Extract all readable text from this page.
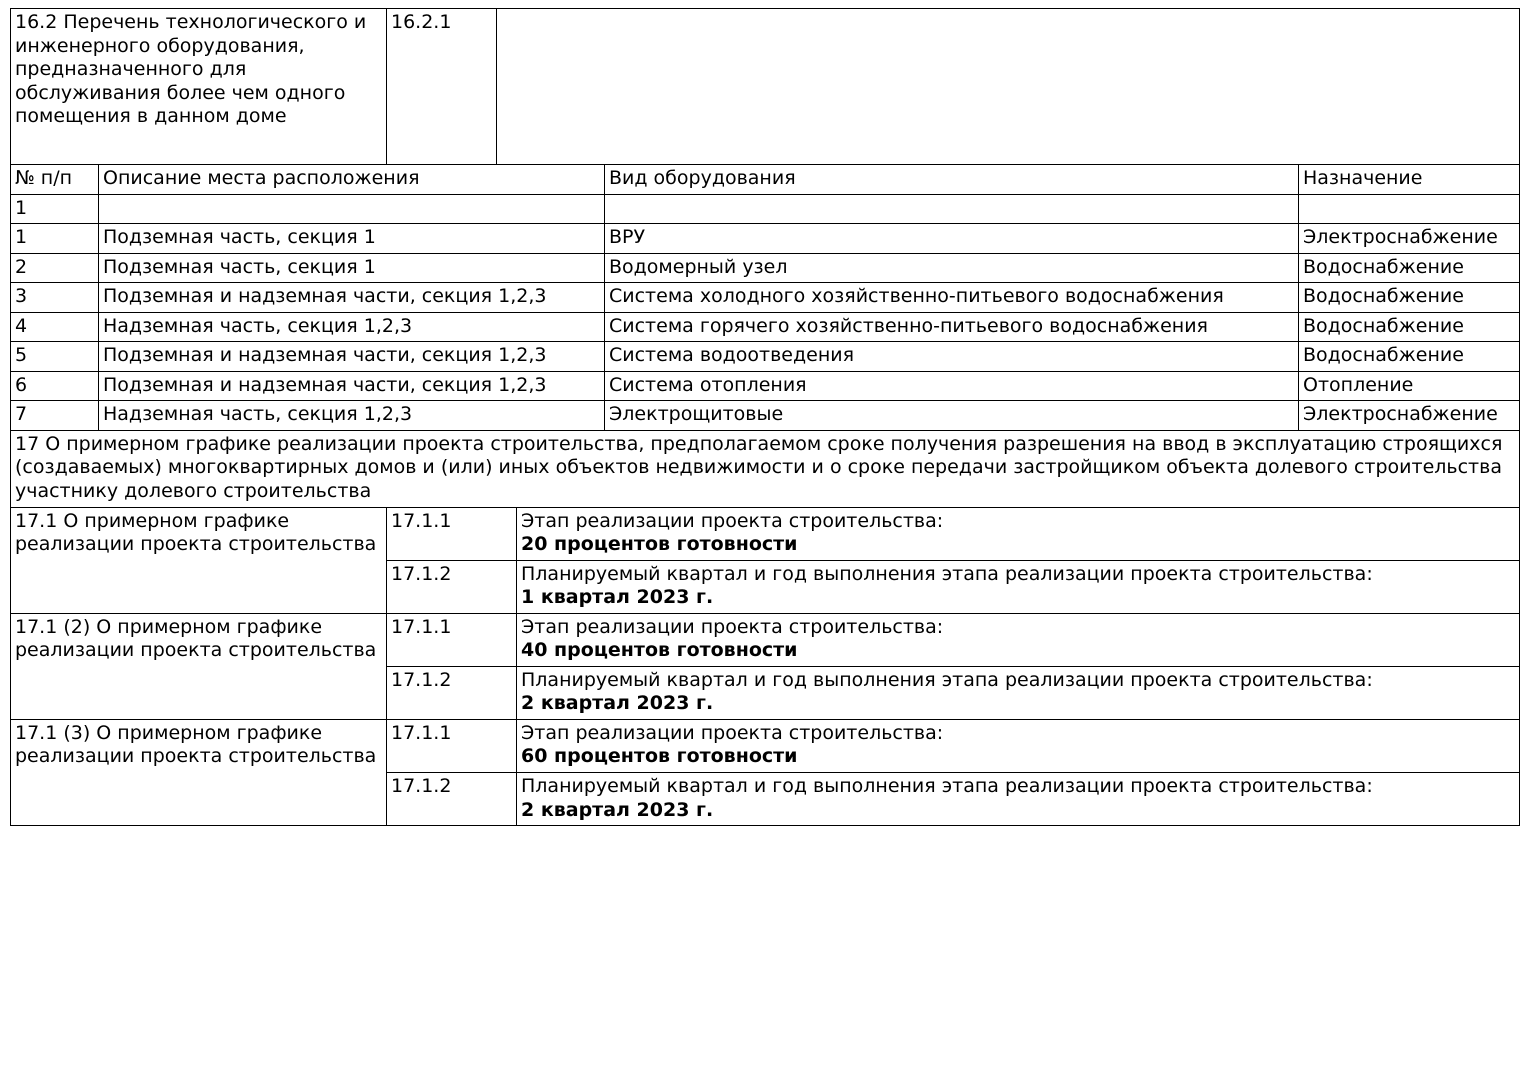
16.2 Перечень технологического и инженерного оборудования, предназначенного для обслуживания более чем одного помещения в данном доме	16.2.1	
№ п/п	Описание места расположения	Вид оборудования	Назначение
1			
1	Подземная часть, секция 1	ВРУ	Электроснабжение
2	Подземная часть, секция 1	Водомерный узел	Водоснабжение
3	Подземная и надземная части, секция 1,2,3	Система холодного хозяйственно-питьевого водоснабжения	Водоснабжение
4	Надземная часть, секция 1,2,3	Система горячего хозяйственно-питьевого водоснабжения	Водоснабжение
5	Подземная и надземная части, секция 1,2,3	Система водоотведения	Водоснабжение
6	Подземная и надземная части, секция 1,2,3	Система отопления	Отопление
7	Надземная часть, секция 1,2,3	Электрощитовые	Электроснабжение
17 О примерном графике реализации проекта строительства, предполагаемом сроке получения разрешения на ввод в эксплуатацию строящихся (создаваемых) многоквартирных домов и (или) иных объектов недвижимости и о сроке передачи застройщиком объекта долевого строительства участнику долевого строительства		
17.1 О примерном графике реализации проекта строительства	17.1.1	Этап реализации проекта строительства:
20 процентов готовности

	17.1.2	Планируемый квартал и год выполнения этапа реализации проекта строительства:
1 квартал 2023 г.

17.1 (2) О примерном графике реализации проекта строительства	17.1.1	Этап реализации проекта строительства:
40 процентов готовности

	17.1.2	Планируемый квартал и год выполнения этапа реализации проекта строительства:
2 квартал 2023 г.

17.1 (3) О примерном графике реализации проекта строительства	17.1.1	Этап реализации проекта строительства:
60 процентов готовности

	17.1.2	Планируемый квартал и год выполнения этапа реализации проекта строительства:
2 квартал 2023 г.
